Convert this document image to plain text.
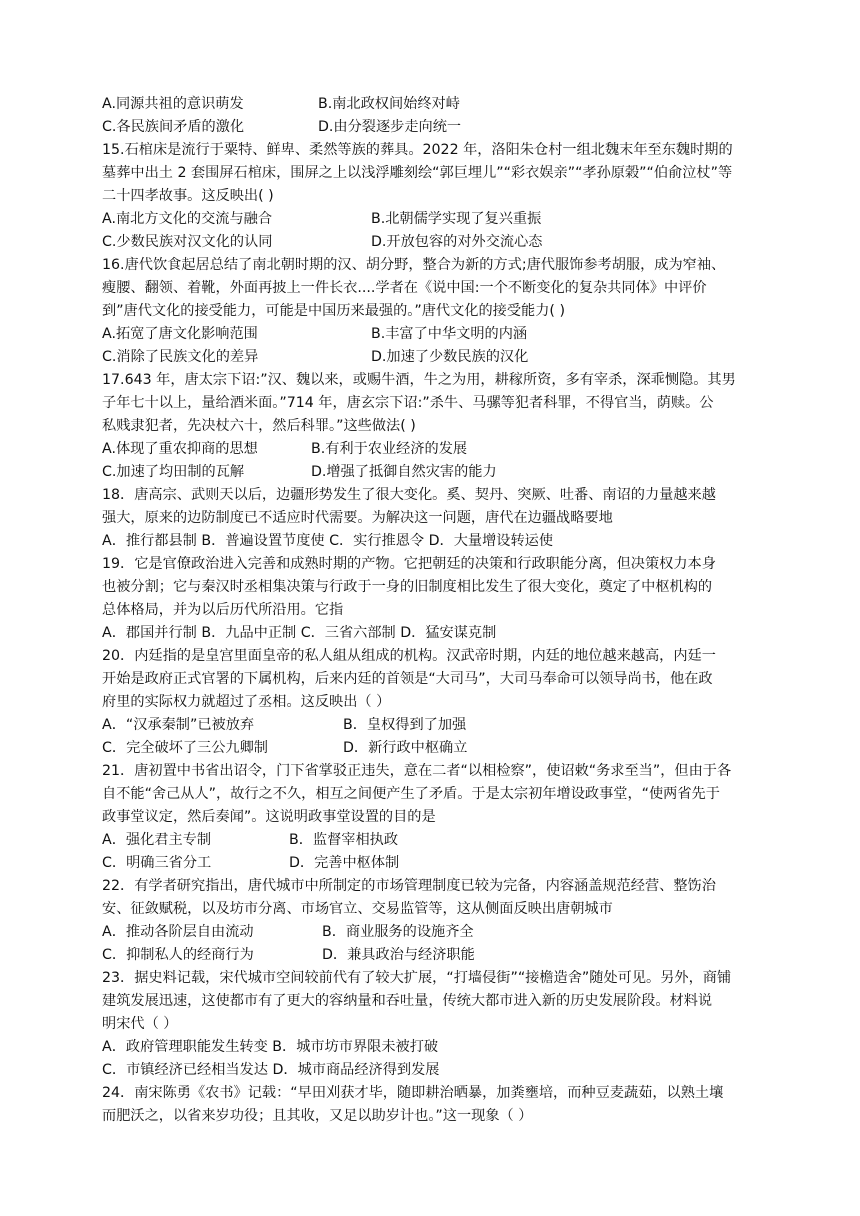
A.同源共祖的意识萌发	B.南北政权间始终对峙
C.各民族间矛盾的激化	D.由分裂逐步走向统一
15.石棺床是流行于粟特、鲜卑、柔然等族的葬具。2022 年，洛阳朱仓村一组北魏末年至东魏时期的
墓葬中出土 2 套围屏石棺床，围屏之上以浅浮雕刻绘“郭巨埋儿”“彩衣娱亲”“孝孙原榖”“伯俞泣杖”等
二十四孝故事。这反映出( )
A.南北方文化的交流与融合	B.北朝儒学实现了复兴重振
C.少数民族对汉文化的认同	D.开放包容的对外交流心态
16.唐代饮食起居总结了南北朝时期的汉、胡分野，整合为新的方式;唐代服饰参考胡服，成为窄袖、
瘦腰、翻领、着靴，外面再披上一件长衣....学者在《说中国:一个不断变化的复杂共同体》中评价
到”唐代文化的接受能力，可能是中国历来最强的。”唐代文化的接受能力( )
A.拓宽了唐文化影响范围	B.丰富了中华文明的内涵
C.消除了民族文化的差异	D.加速了少数民族的汉化
17.643 年，唐太宗下诏:”汉、魏以来，或赐牛酒，牛之为用，耕稼所资，多有宰杀，深乖恻隐。其男
子年七十以上，量给酒米面。”714 年，唐玄宗下诏:”杀牛、马骡等犯者科罪，不得官当，荫赎。公
私贱隶犯者，先决杖六十，然后科罪。”这些做法( )
A.体现了重农抑商的思想	B.有利于农业经济的发展
C.加速了均田制的瓦解	D.增强了抵御自然灾害的能力
18．唐高宗、武则天以后，边疆形势发生了很大变化。奚、契丹、突厥、吐番、南诏的力量越来越
强大，原来的边防制度已不适应时代需要。为解决这一问题，唐代在边疆战略要地
A．推行都县制 B．普遍设置节度使 C．实行推恩令 D．大量增设转运使
19．它是官僚政治进入完善和成熟时期的产物。它把朝廷的决策和行政职能分离，但决策权力本身
也被分割；它与秦汉时丞相集决策与行政于一身的旧制度相比发生了很大变化，奠定了中枢机构的
总体格局，并为以后历代所沿用。它指
A．郡国并行制 B．九品中正制 C．三省六部制 D．猛安谋克制
20．内廷指的是皇宫里面皇帝的私人組从组成的机构。汉武帝时期，内廷的地位越来越高，内廷一
开始是政府正式官署的下属机构，后来内廷的首领是“大司马”，大司马奉命可以领导尚书，他在政
府里的实际权力就超过了丞相。这反映出（ ）
A．“汉承秦制”已被放弃	B．皇权得到了加强
C．完全破坏了三公九卿制	D．新行政中枢确立
21．唐初置中书省出诏令，门下省掌驳正违失，意在二者“以相检察”，使诏敕“务求至当”，但由于各
自不能“舍己从人”，故行之不久，相互之间便产生了矛盾。于是太宗初年增设政事堂，“使两省先于
政事堂议定，然后奏闻”。这说明政事堂设置的目的是
A．强化君主专制	B．监督宰相执政
C．明确三省分工	D．完善中枢体制
22．有学者研究指出，唐代城市中所制定的市场管理制度已较为完备，内容涵盖规范经营、整饬治
安、征敛赋税，以及坊市分离、市场官立、交易监管等，这从侧面反映出唐朝城市
A．推动各阶层自由流动	B．商业服务的设施齐全
C．抑制私人的经商行为	D．兼具政治与经济职能
23．据史料记载，宋代城市空间较前代有了较大扩展，“打墙侵街”“接檐造舍”随处可见。另外，商铺
建筑发展迅速，这使都市有了更大的容纳量和吞吐量，传统大都市进入新的历史发展阶段。材料说
明宋代（ ）
A．政府管理职能发生转变 B．城市坊市界限未被打破
C．市镇经济已经相当发达 D．城市商品经济得到发展
24．南宋陈勇《农书》记载：“早田刈获才毕，随即耕治晒暴，加粪壅培，而种豆麦蔬茹，以熟土壤
而肥沃之，以省来岁功役；且其收，又足以助岁计也。”这一现象（ ）
